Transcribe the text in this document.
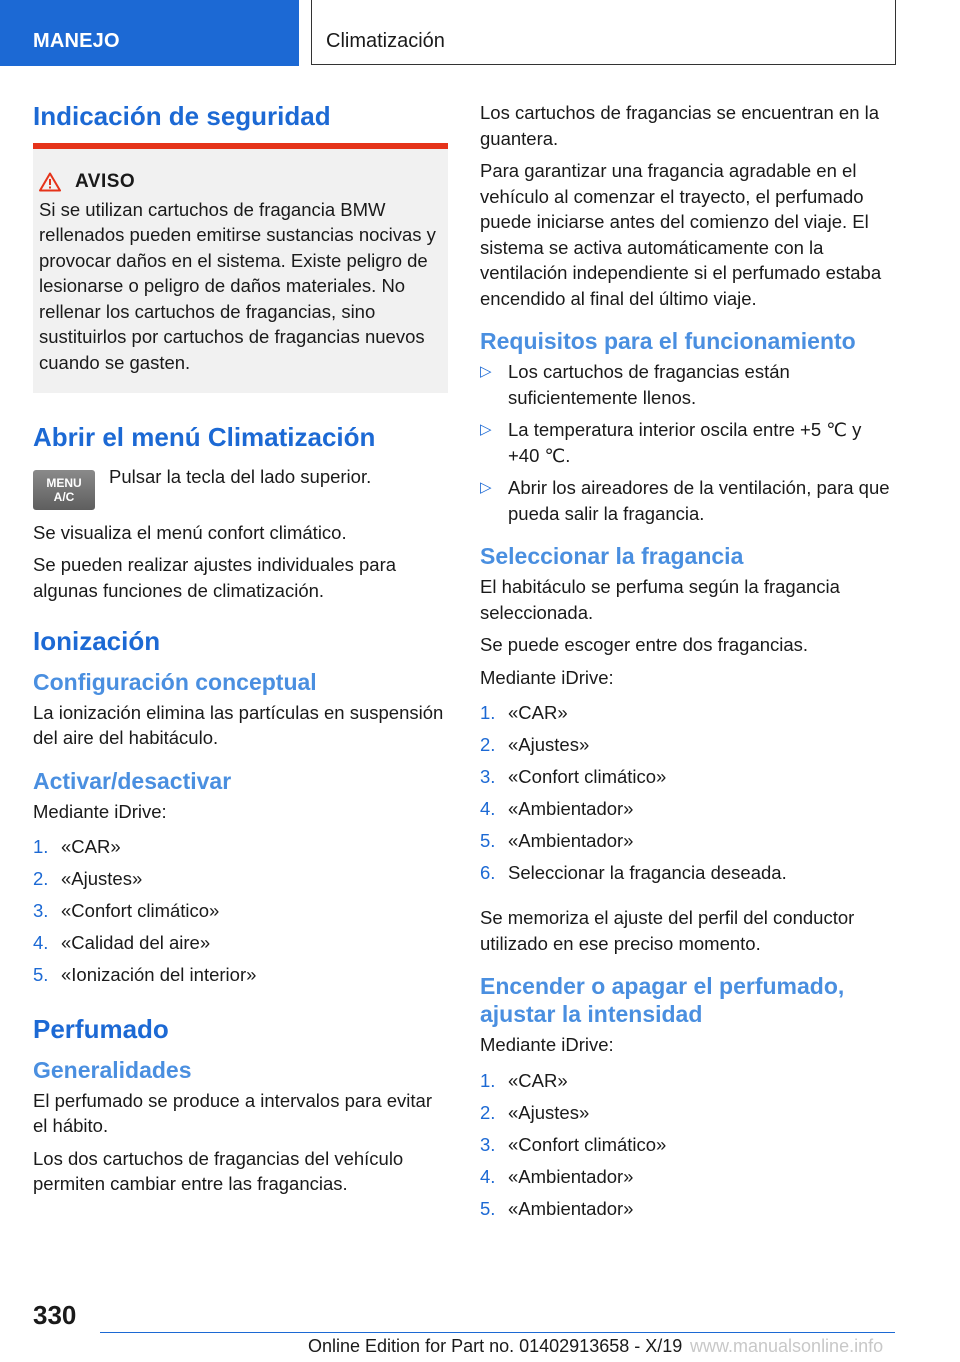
MANEJO	Climatización
Indicación de seguridad
AVISO

Si se utilizan cartuchos de fragancia BMW rellenados pueden emitirse sustancias nocivas y provocar daños en el sistema. Existe peligro de lesionarse o peligro de daños materiales. No rellenar los cartuchos de fragancias, sino sustituirlos por cartuchos de fragancias nuevos cuando se gasten.

Abrir el menú Climatización
MENU
A/C

Pulsar la tecla del lado superior.

Se visualiza el menú confort climático.

Se pueden realizar ajustes individuales para algunas funciones de climatización.

Ionización
Configuración conceptual

La ionización elimina las partículas en suspensión del aire del habitáculo.

Activar/desactivar

Mediante iDrive:

1. «CAR»
2. «Ajustes»
3. «Confort climático»
4. «Calidad del aire»
5. «Ionización del interior»
Perfumado
Generalidades

El perfumado se produce a intervalos para evitar el hábito.

Los dos cartuchos de fragancias del vehículo permiten cambiar entre las fragancias.

Los cartuchos de fragancias se encuentran en la guantera.

Para garantizar una fragancia agradable en el vehículo al comenzar el trayecto, el perfumado puede iniciarse antes del comienzo del viaje. El sistema se activa automáticamente con la ventilación independiente si el perfumado estaba encendido al final del último viaje.

Requisitos para el funcionamiento
▷ Los cartuchos de fragancias están suficientemente llenos.
▷ La temperatura interior oscila entre +5 ℃ y +40 ℃.
▷ Abrir los aireadores de la ventilación, para que pueda salir la fragancia.
Seleccionar la fragancia

El habitáculo se perfuma según la fragancia seleccionada.

Se puede escoger entre dos fragancias.

Mediante iDrive:

1. «CAR»
2. «Ajustes»
3. «Confort climático»
4. «Ambientador»
5. «Ambientador»
6. Seleccionar la fragancia deseada.

Se memoriza el ajuste del perfil del conductor utilizado en ese preciso momento.

Encender o apagar el perfumado, ajustar la intensidad

Mediante iDrive:

1. «CAR»
2. «Ajustes»
3. «Confort climático»
4. «Ambientador»
5. «Ambientador»
330
Online Edition for Part no. 01402913658 - X/19 www.manualsonline.info
